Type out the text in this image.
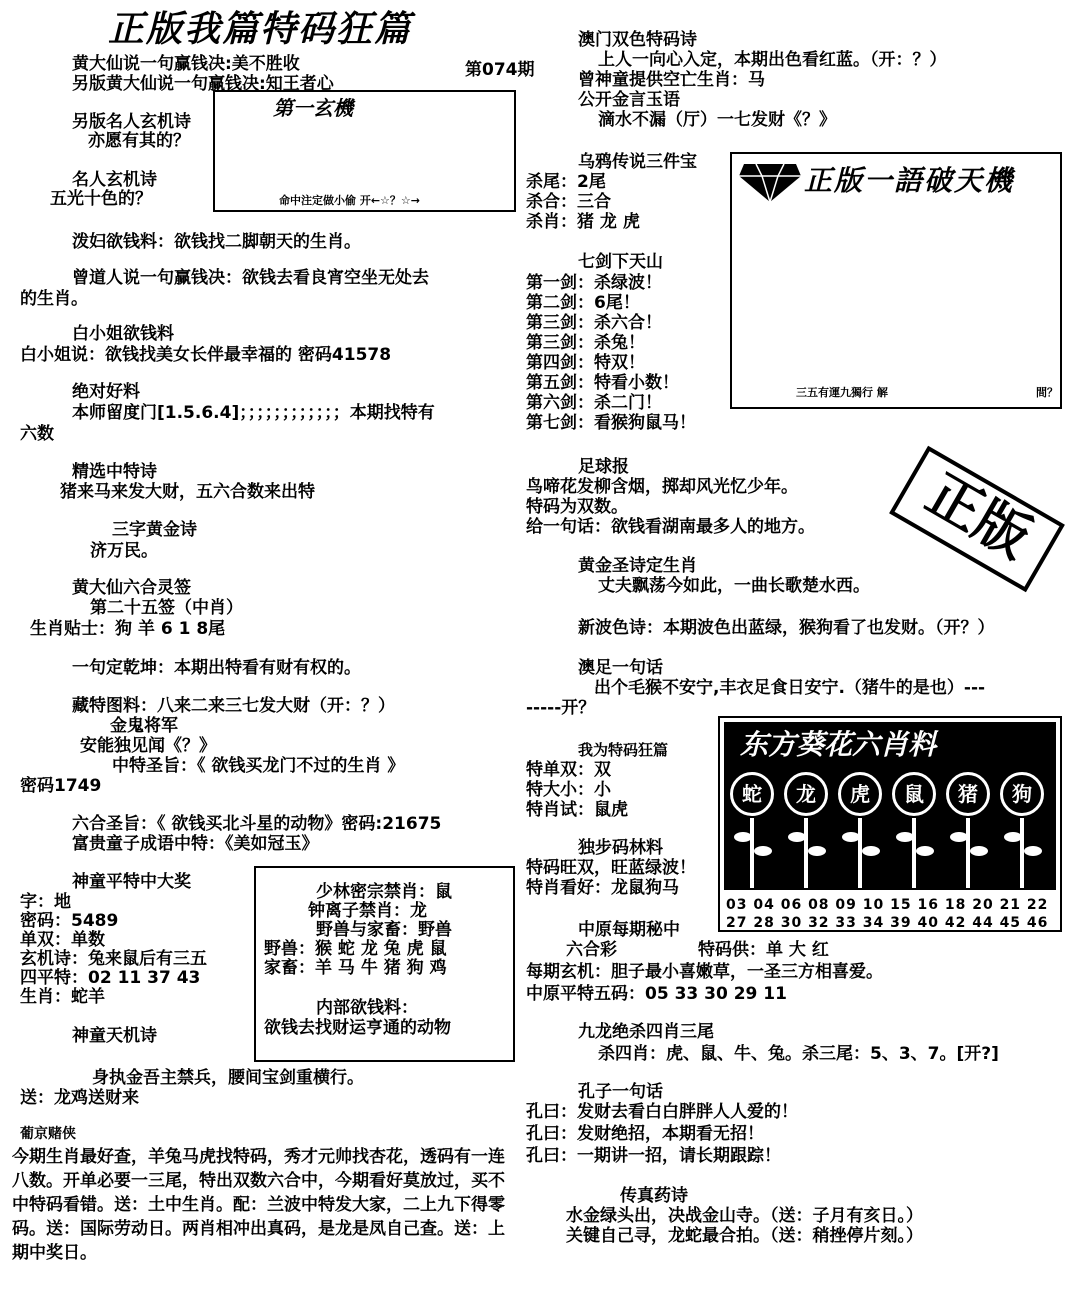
正版我篇特码狂篇
黄大仙说一句赢钱决:美不胜收	第074期
另版黄大仙说一句赢钱决:知王者心
第一玄機
命中注定做小偷 开←☆？☆→
另版名人玄机诗
亦愿有其的？
名人玄机诗
五光十色的？
泼妇欲钱料：欲钱找二脚朝天的生肖。
曾道人说一句赢钱决：欲钱去看良宵空坐无处去
的生肖。
白小姐欲钱料
白小姐说：欲钱找美女长伴最幸福的 密码41578
绝对好料
本师留度门[1.5.6.4]；；；；；；；；；；；；本期找特有
六数
精选中特诗
猪来马来发大财，五六合数来出特
三字黄金诗
济万民。
黄大仙六合灵签
第二十五签（中肖）
生肖贴士：狗 羊 6 1 8尾
一句定乾坤：本期出特看有财有权的。
藏特图料：八来二来三七发大财（开：？）
金鬼将军
安能独见闻《？》
中特圣旨：《 欲钱买龙门不过的生肖 》
密码1749
六合圣旨：《 欲钱买北斗星的动物》密码:21675
富贵童子成语中特：《美如冠玉》
神童平特中大奖
字：地
密码：5489
单双：单数
玄机诗：兔来鼠后有三五
四平特：02 11 37 43
生肖：蛇羊
神童天机诗
身执金吾主禁兵，腰间宝剑重横行。
送：龙鸡送财来
葡京赌侠
今期生肖最好查，羊兔马虎找特码，秀才元帅找杏花，透码有一连八数。开单必要一三尾，特出双数六合中，今期看好莫放过，买不中特码看错。送：土中生肖。配：兰波中特发大家，二上九下得零码。送：国际劳动日。两肖相冲出真码，是龙是凤自己查。送：上期中奖日。
少林密宗禁肖：鼠
钟离子禁肖：龙
野兽与家畜：野兽
野兽：猴 蛇 龙 兔 虎 鼠
家畜：羊 马 牛 猪 狗 鸡
内部欲钱料：
欲钱去找财运亨通的动物
澳门双色特码诗
上人一向心入定，本期出色看红蓝。（开：？）
曾神童提供空亡生肖：马
公开金言玉语
滴水不漏（厅）一七发财《？》
乌鸦传说三件宝
杀尾：2尾
杀合：三合
杀肖：猪 龙 虎
七剑下天山
第一剑：杀绿波！
第二剑：6尾！
第三剑：杀六合！
第三剑：杀兔！
第四剑：特双！
第五剑：特看小数！
第六剑：杀二门！
第七剑：看猴狗鼠马！
正版一語破天機
三五有運九獨行 解	間？
足球报
鸟啼花发柳含烟，掷却风光忆少年。
特码为双数。
给一句话：欲钱看湖南最多人的地方。	正版
黄金圣诗定生肖
丈夫飘荡今如此，一曲长歌楚水西。
新波色诗：本期波色出蓝绿，猴狗看了也发财。（开？）
澳足一句话
出个毛猴不安宁,丰衣足食日安宁.（猪牛的是也）---
-----开？
我为特码狂篇
特单双：双
特大小：小
特肖试：鼠虎
独步码林料
特码旺双，旺蓝绿波！
特肖看好：龙鼠狗马
东方葵花六肖料
蛇	龙	虎	鼠	猪	狗
03 04 06 08 09 10 15 16 18 20 21 22
27 28 30 32 33 34 39 40 42 44 45 46
中原每期秘中
六合彩	特码供：单 大 红
每期玄机：胆子最小喜嫩草，一圣三方相喜爱。
中原平特五码：05 33 30 29 11
九龙绝杀四肖三尾
杀四肖：虎、鼠、牛、兔。杀三尾：5、3、7。[开?]
孔子一句话
孔曰：发财去看白白胖胖人人爱的！
孔曰：发财绝招，本期看无招！
孔曰：一期讲一招，请长期跟踪！
传真药诗
水金绿头出，决战金山寺。（送：子月有亥日。）
关键自己寻，龙蛇最合拍。（送：稍挫停片刻。）
